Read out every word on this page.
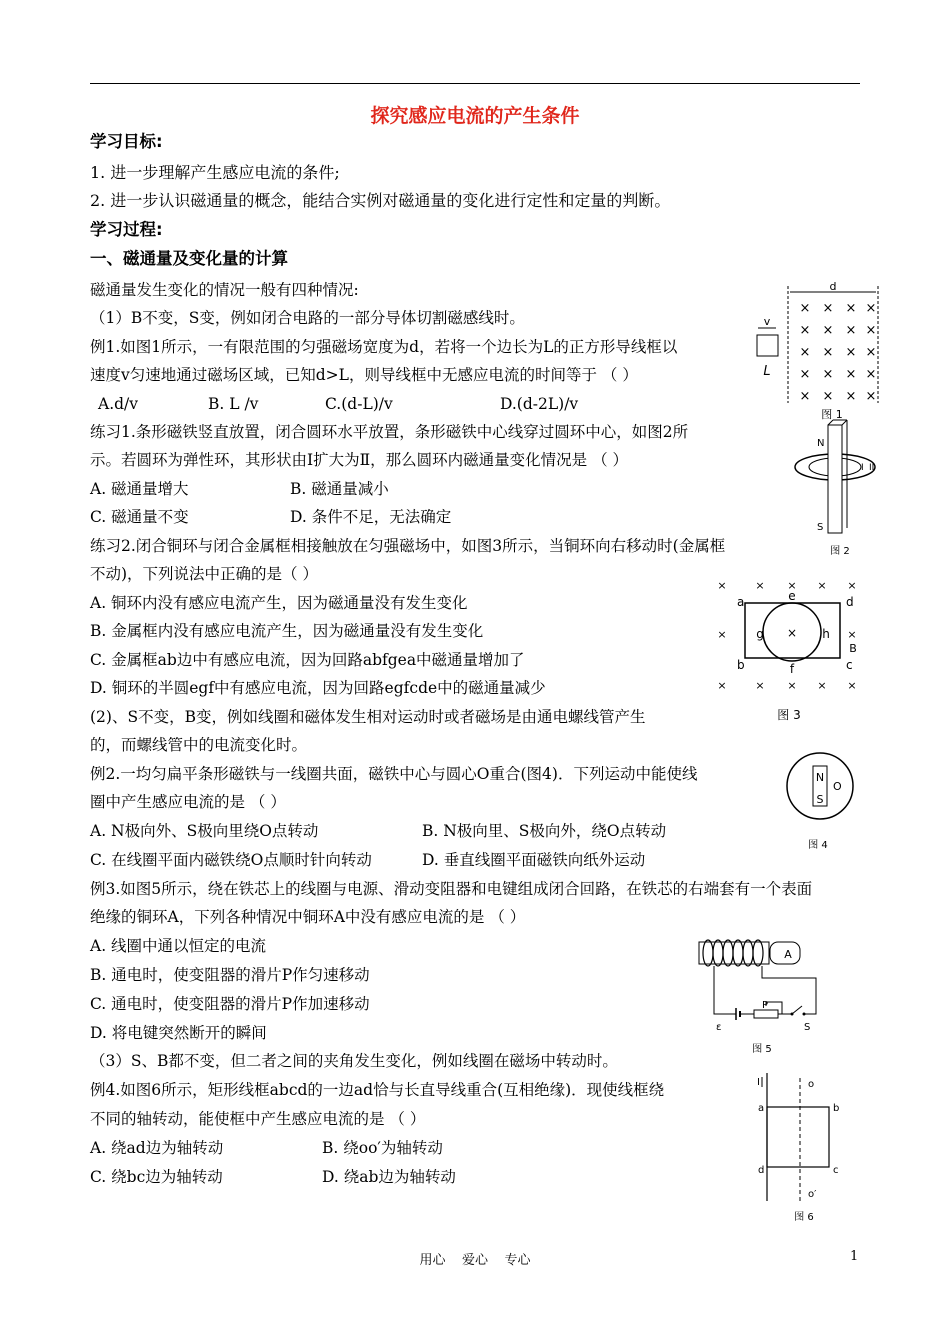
探究感应电流的产生条件
学习目标:
1. 进一步理解产生感应电流的条件;
2. 进一步认识磁通量的概念，能结合实例对磁通量的变化进行定性和定量的判断。
学习过程:
一、磁通量及变化量的计算
磁通量发生变化的情况一般有四种情况:
（1）B不变，S变，例如闭合电路的一部分导体切割磁感线时。
例1.如图1所示，一有限范围的匀强磁场宽度为d，若将一个边长为L的正方形导线框以
速度v匀速地通过磁场区域，已知d>L，则导线框中无感应电流的时间等于 （ ）
A.d/v	B. L /v	C.(d-L)/v	D.(d-2L)/v
练习1.条形磁铁竖直放置，闭合圆环水平放置，条形磁铁中心线穿过圆环中心，如图2所
示。若圆环为弹性环，其形状由Ⅰ扩大为Ⅱ，那么圆环内磁通量变化情况是 （ ）
A. 磁通量增大	B. 磁通量减小
C. 磁通量不变	D. 条件不足，无法确定
练习2.闭合铜环与闭合金属框相接触放在匀强磁场中，如图3所示，当铜环向右移动时(金属框
不动)，下列说法中正确的是（ ）
A. 铜环内没有感应电流产生，因为磁通量没有发生变化
B. 金属框内没有感应电流产生，因为磁通量没有发生变化
C. 金属框ab边中有感应电流，因为回路abfgea中磁通量增加了
D. 铜环的半圆egf中有感应电流，因为回路egfcde中的磁通量减少
(2)、S不变，B变，例如线圈和磁体发生相对运动时或者磁场是由通电螺线管产生
的，而螺线管中的电流变化时。
例2.一均匀扁平条形磁铁与一线圈共面，磁铁中心与圆心O重合(图4)．下列运动中能使线
圈中产生感应电流的是 （ ）
A. N极向外、S极向里绕O点转动	B. N极向里、S极向外，绕O点转动
C. 在线圈平面内磁铁绕O点顺时针向转动	D. 垂直线圈平面磁铁向纸外运动
例3.如图5所示，绕在铁芯上的线圈与电源、滑动变阻器和电键组成闭合回路，在铁芯的右端套有一个表面
绝缘的铜环A，下列各种情况中铜环A中没有感应电流的是 （ ）
A. 线圈中通以恒定的电流
B. 通电时，使变阻器的滑片P作匀速移动
C. 通电时，使变阻器的滑片P作加速移动
D. 将电键突然断开的瞬间
（3）S、B都不变，但二者之间的夹角发生变化，例如线圈在磁场中转动时。
例4.如图6所示，矩形线框abcd的一边ad恰与长直导线重合(互相绝缘)．现使线框绕
不同的轴转动，能使框中产生感应电流的是 （ ）
A. 绕ad边为轴转动	B. 绕oo′为轴转动
C. 绕bc边为轴转动	D. 绕ab边为轴转动
d
× × × ×
× × × ×
× × × ×
× × × ×
× × × ×
v
L
图 1
N
S
I II
图 2
×	× × × ×
×	×
×	× × × ×
×
a
b	c
d
e
f
g	h
B
图 3
N
S
O
图 4
A
P
ε	S
图 5
I	o
o′
a	b
c
d
图 6
用心    爱心    专心	1
